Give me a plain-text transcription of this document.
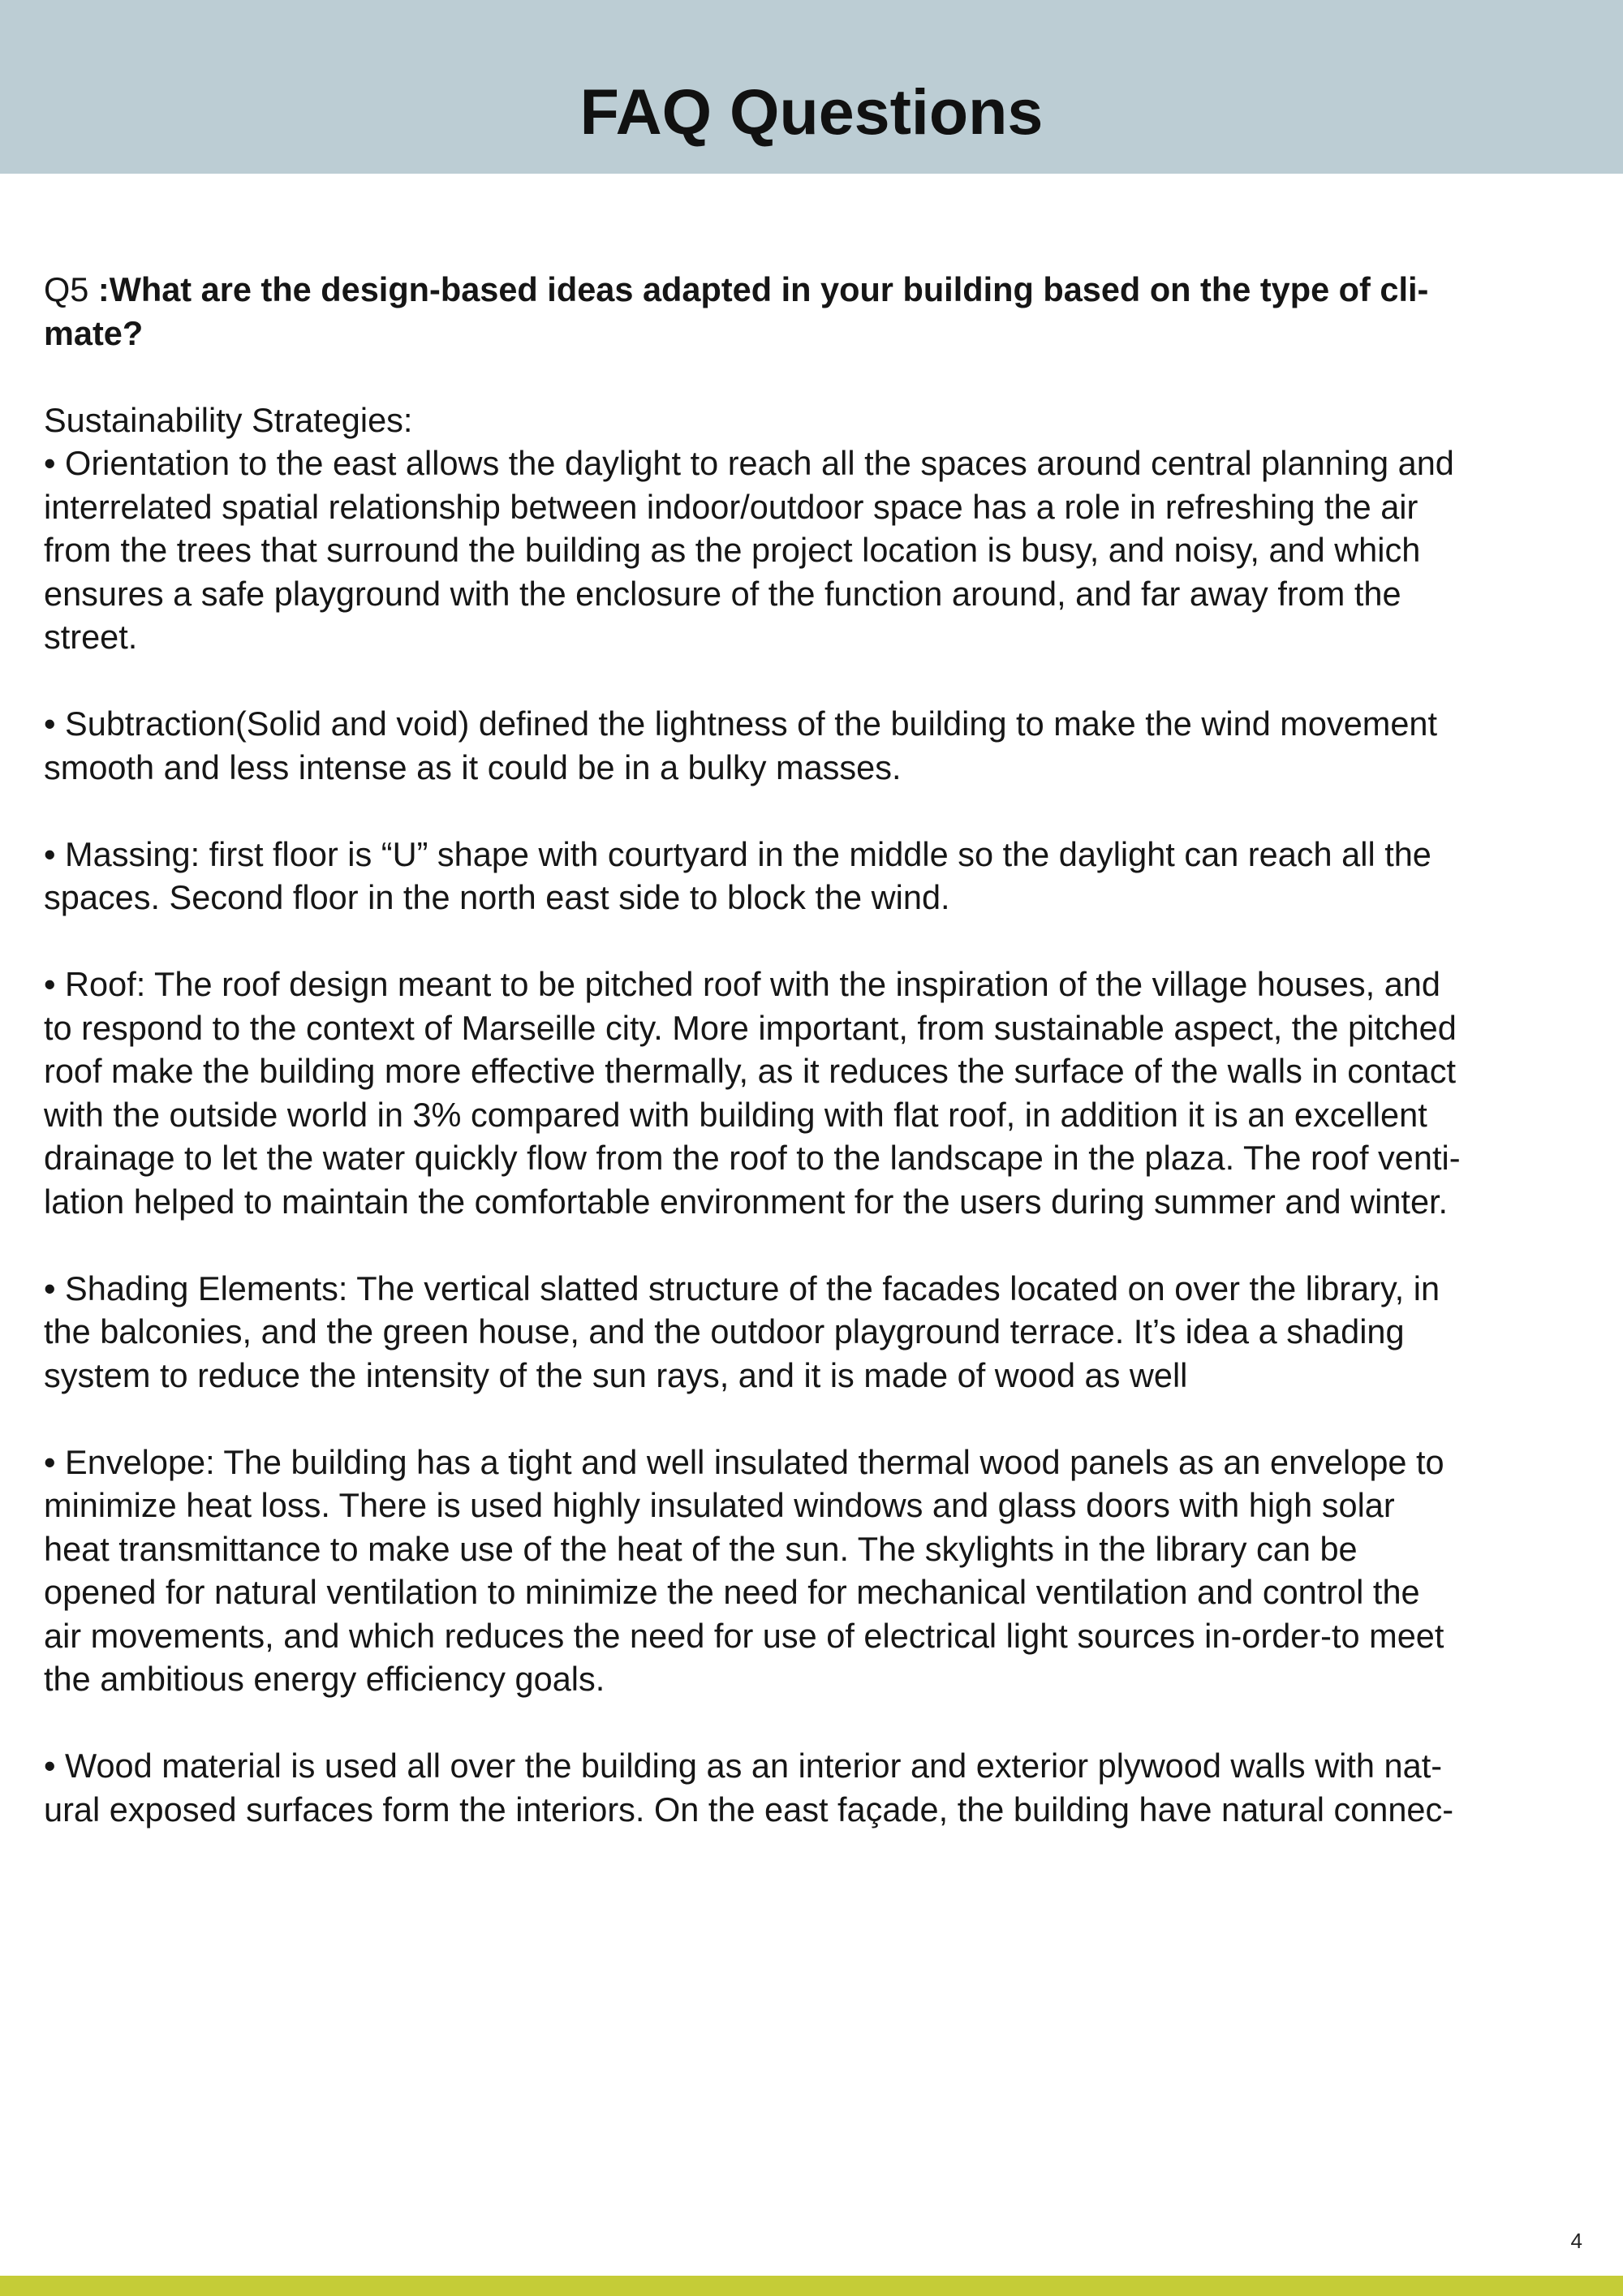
FAQ Questions

Q5 :What are the design-based ideas adapted in your building based on the type of cli-
mate?

Sustainability Strategies:

• Orientation to the east allows the daylight to reach all the spaces around central planning and
interrelated spatial relationship between indoor/outdoor space has a role in refreshing the air
from the trees that surround the building as the project location is busy, and noisy, and which
ensures a safe playground with the enclosure of the function around, and far away from the
street.

• Subtraction(Solid and void) defined the lightness of the building to make the wind movement
smooth and less intense as it could be in a bulky masses.

• Massing: first floor is “U” shape with courtyard in the middle so the daylight can reach all the
spaces. Second floor in the north east side to block the wind.

• Roof: The roof design meant to be pitched roof with the inspiration of the village houses, and
to respond to the context of Marseille city. More important, from sustainable aspect, the pitched
roof make the building more effective thermally, as it reduces the surface of the walls in contact
with the outside world in 3% compared with building with flat roof, in addition it is an excellent
drainage to let the water quickly flow from the roof to the landscape in the plaza. The roof venti-
lation helped to maintain the comfortable environment for the users during summer and winter.

• Shading Elements: The vertical slatted structure of the facades located on over the library, in
the balconies, and the green house, and the outdoor playground terrace. It’s idea a shading
system to reduce the intensity of the sun rays, and it is made of wood as well

• Envelope: The building has a tight and well insulated thermal wood panels as an envelope to
minimize heat loss. There is used highly insulated windows and glass doors with high solar
heat transmittance to make use of the heat of the sun. The skylights in the library can be
opened for natural ventilation to minimize the need for mechanical ventilation and control the
air movements, and which reduces the need for use of electrical light sources in-order-to meet
the ambitious energy efficiency goals.

• Wood material is used all over the building as an interior and exterior plywood walls with nat-
ural exposed surfaces form the interiors. On the east façade, the building have natural connec-

4
